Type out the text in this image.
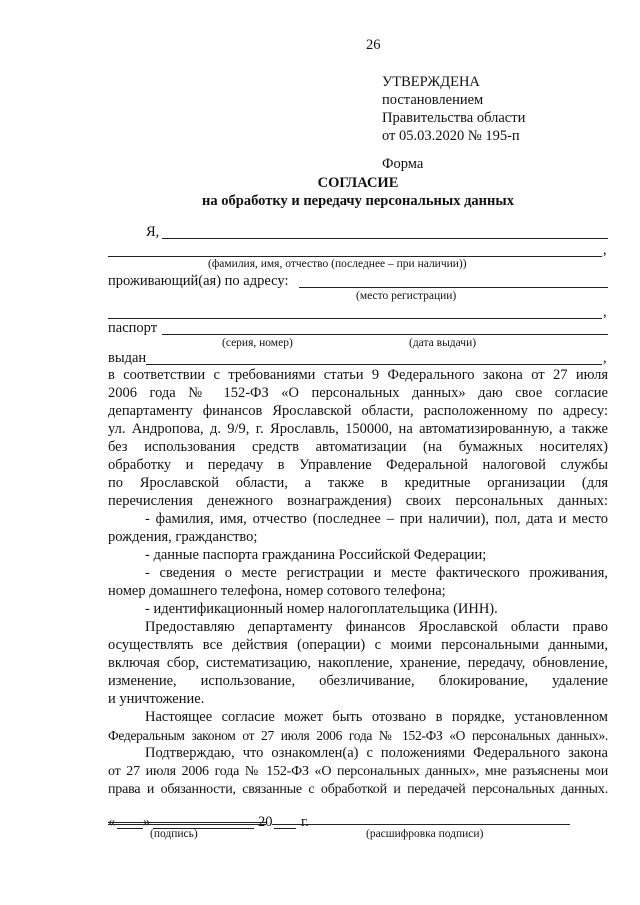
26
УТВЕРЖДЕНА
постановлением
Правительства области
от 05.03.2020 № 195-п
Форма
СОГЛАСИЕ
на обработку и передачу персональных данных
Я,
,
(фамилия, имя, отчество (последнее – при наличии))
проживающий(ая) по адресу:
(место регистрации)
,
паспорт
(серия, номер)	(дата выдачи)
выдан	,
в соответствии с требованиями статьи 9 Федерального закона от 27 июля
2006 года № 152-ФЗ «О персональных данных» даю свое согласие
департаменту финансов Ярославской области, расположенному по адресу:
ул. Андропова, д. 9/9, г. Ярославль, 150000, на автоматизированную, а также
без использования средств автоматизации (на бумажных носителях)
обработку и передачу в Управление Федеральной налоговой службы
по Ярославской области, а также в кредитные организации (для
перечисления денежного вознаграждения) своих персональных данных:
- фамилия, имя, отчество (последнее – при наличии), пол, дата и место
рождения, гражданство;
- данные паспорта гражданина Российской Федерации;
- сведения о месте регистрации и месте фактического проживания,
номер домашнего телефона, номер сотового телефона;
- идентификационный номер налогоплательщика (ИНН).
Предоставляю департаменту финансов Ярославской области право
осуществлять все действия (операции) с моими персональными данными,
включая сбор, систематизацию, накопление, хранение, передачу, обновление,
изменение, использование, обезличивание, блокирование, удаление
и уничтожение.
Настоящее согласие может быть отозвано в порядке, установленном
Федеральным законом от 27 июля 2006 года № 152-ФЗ «О персональных данных».
Подтверждаю, что ознакомлен(а) с положениями Федерального закона
от 27 июля 2006 года № 152-ФЗ «О персональных данных», мне разъяснены мои
права и обязанности, связанные с обработкой и передачей персональных данных.
« »	20 г.
(подпись)	(расшифровка подписи)
